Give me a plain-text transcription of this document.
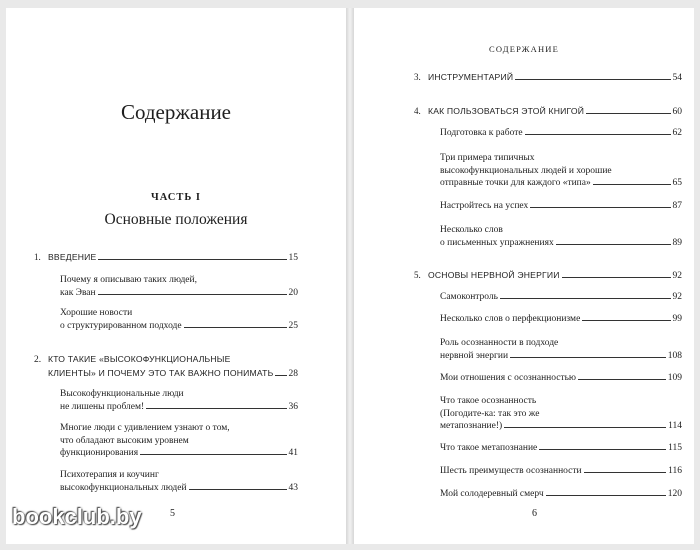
Содержание
ЧАСТЬ I
Основные положения
1. ВВЕДЕНИЕ	15
Почему я описываю таких людей,
как Эван	20
Хорошие новости
о структурированном подходе	25
2. КТО ТАКИЕ «ВЫСОКОФУНКЦИОНАЛЬНЫЕ
КЛИЕНТЫ» И ПОЧЕМУ ЭТО ТАК ВАЖНО ПОНИМАТЬ 28
Высокофункциональные люди
не лишены проблем!	36
Многие люди с удивлением узнают о том,
что обладают высоким уровнем
функционирования	41
Психотерапия и коучинг
высокофункциональных людей	43
5
СОДЕРЖАНИЕ
3. ИНСТРУМЕНТАРИЙ	54
4. КАК ПОЛЬЗОВАТЬСЯ ЭТОЙ КНИГОЙ	60
Подготовка к работе	62
Три примера типичных
высокофункциональных людей и хорошие
отправные точки для каждого «типа»	65
Настройтесь на успех	87
Несколько слов
о письменных упражнениях	89
5. ОСНОВЫ НЕРВНОЙ ЭНЕРГИИ	92
Самоконтроль	92
Несколько слов о перфекционизме	99
Роль осознанности в подходе
нервной энергии	108
Мои отношения с осознанностью	109
Что такое осознанность
(Погодите-ка: так это же
метапознание!)	114
Что такое метапознание	115
Шесть преимуществ осознанности	116
Мой солодеревный смерч	120
6
bookclub.by
